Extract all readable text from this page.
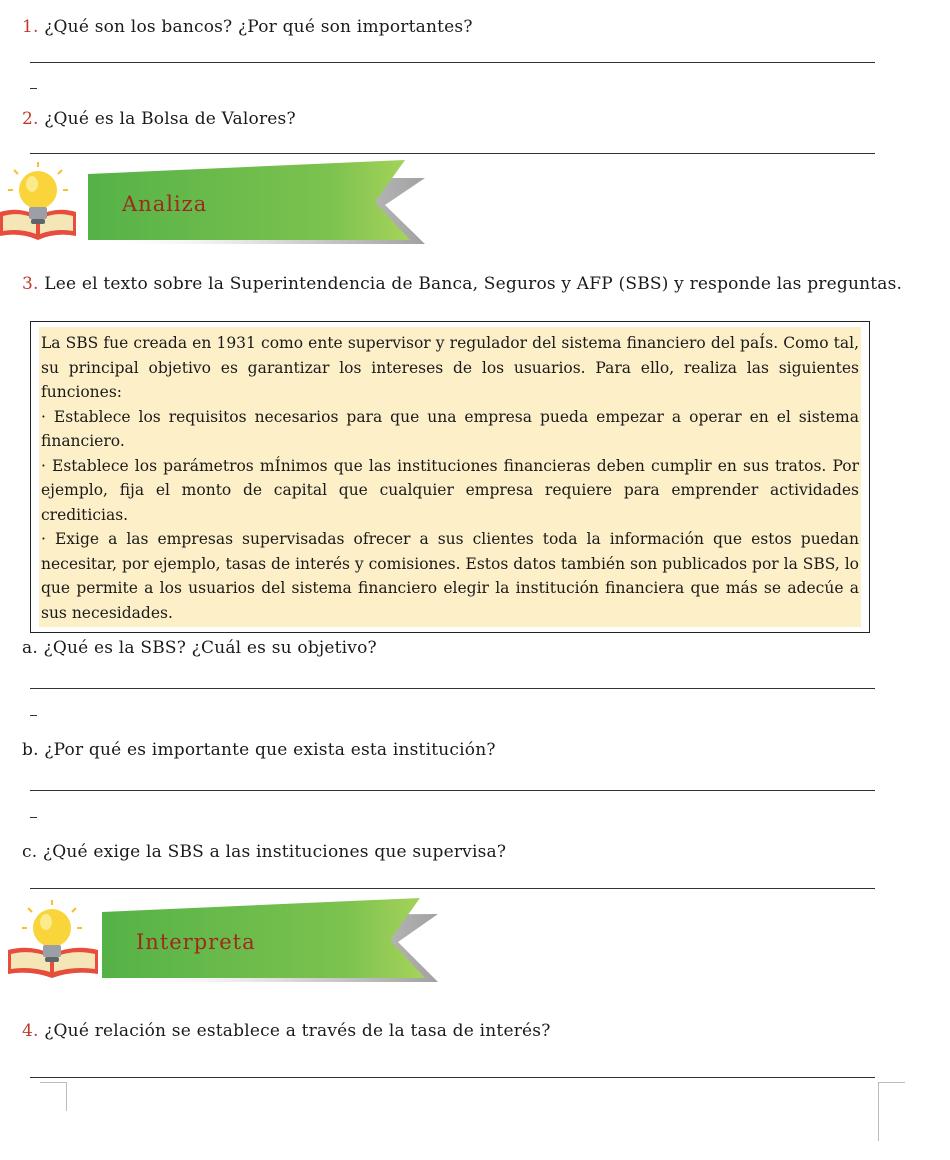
1. ¿Qué son los bancos? ¿Por qué son importantes?
2. ¿Qué es la Bolsa de Valores?
Analiza
3. Lee el texto sobre la Superintendencia de Banca, Seguros y AFP (SBS) y responde las preguntas.

La SBS fue creada en 1931 como ente supervisor y regulador del sistema financiero del paÍs. Como tal, su principal objetivo es garantizar los intereses de los usuarios. Para ello, realiza las siguientes funciones:

· Establece los requisitos necesarios para que una empresa pueda empezar a operar en el sistema financiero.

· Establece los parámetros mÍnimos que las instituciones financieras deben cumplir en sus tratos. Por ejemplo, fija el monto de capital que cualquier empresa requiere para emprender actividades crediticias.

· Exige a las empresas supervisadas ofrecer a sus clientes toda la información que estos puedan necesitar, por ejemplo, tasas de interés y comisiones. Estos datos también son publicados por la SBS, lo que permite a los usuarios del sistema financiero elegir la institución financiera que más se adecúe a sus necesidades.

a. ¿Qué es la SBS? ¿Cuál es su objetivo?
b. ¿Por qué es importante que exista esta institución?
c. ¿Qué exige la SBS a las instituciones que supervisa?
Interpreta
4. ¿Qué relación se establece a través de la tasa de interés?
